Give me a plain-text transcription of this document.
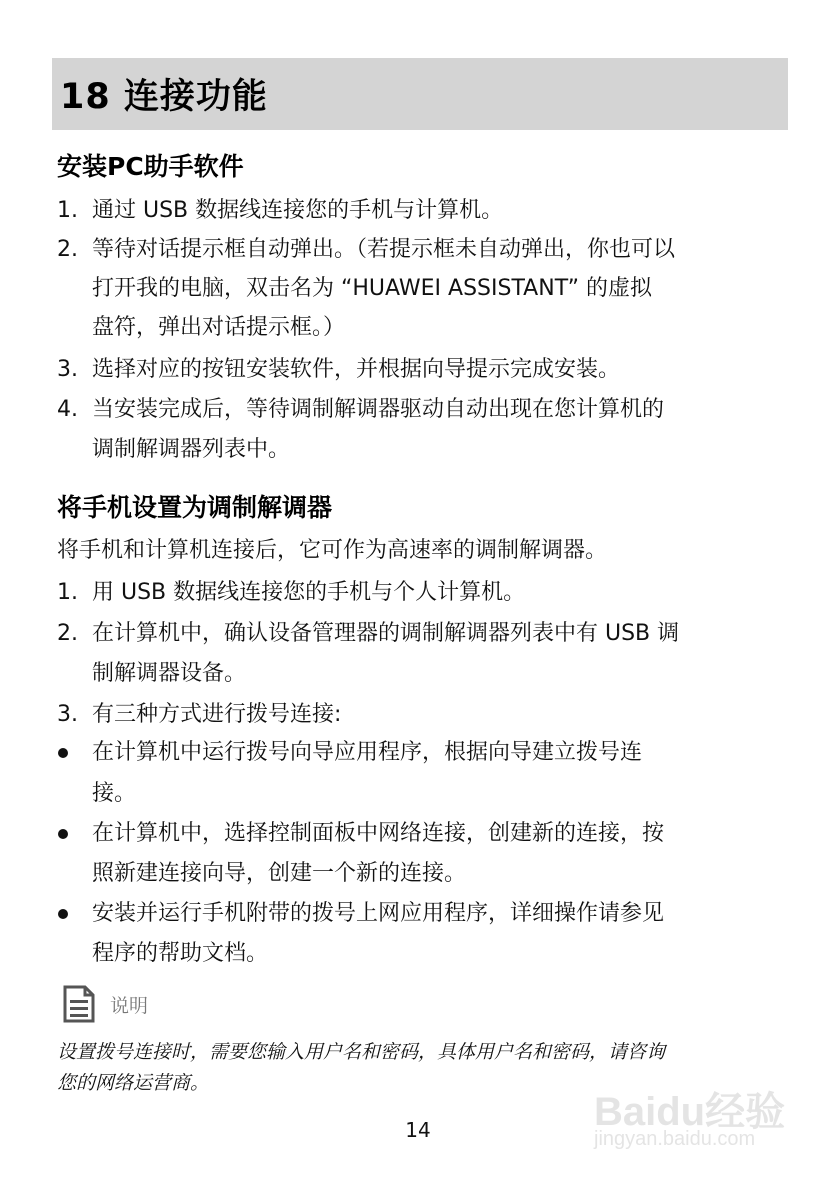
18 连接功能
安装PC助手软件
1. 通过 USB 数据线连接您的手机与计算机。
2. 等待对话提示框自动弹出。（若提示框未自动弹出，你也可以
打开我的电脑，双击名为 “HUAWEI ASSISTANT” 的虚拟
盘符，弹出对话提示框。）
3. 选择对应的按钮安装软件，并根据向导提示完成安装。
4. 当安装完成后，等待调制解调器驱动自动出现在您计算机的
调制解调器列表中。
将手机设置为调制解调器
将手机和计算机连接后，它可作为高速率的调制解调器。
1. 用 USB 数据线连接您的手机与个人计算机。
2. 在计算机中，确认设备管理器的调制解调器列表中有 USB 调
制解调器设备。
3. 有三种方式进行拨号连接:
在计算机中运行拨号向导应用程序，根据向导建立拨号连
接。
在计算机中，选择控制面板中网络连接，创建新的连接，按
照新建连接向导，创建一个新的连接。
安装并运行手机附带的拨号上网应用程序，详细操作请参见
程序的帮助文档。
说明
设置拨号连接时，需要您输入用户名和密码，具体用户名和密码，请咨询
您的网络运营商。
14	Baidu经验
jingyan.baidu.com
